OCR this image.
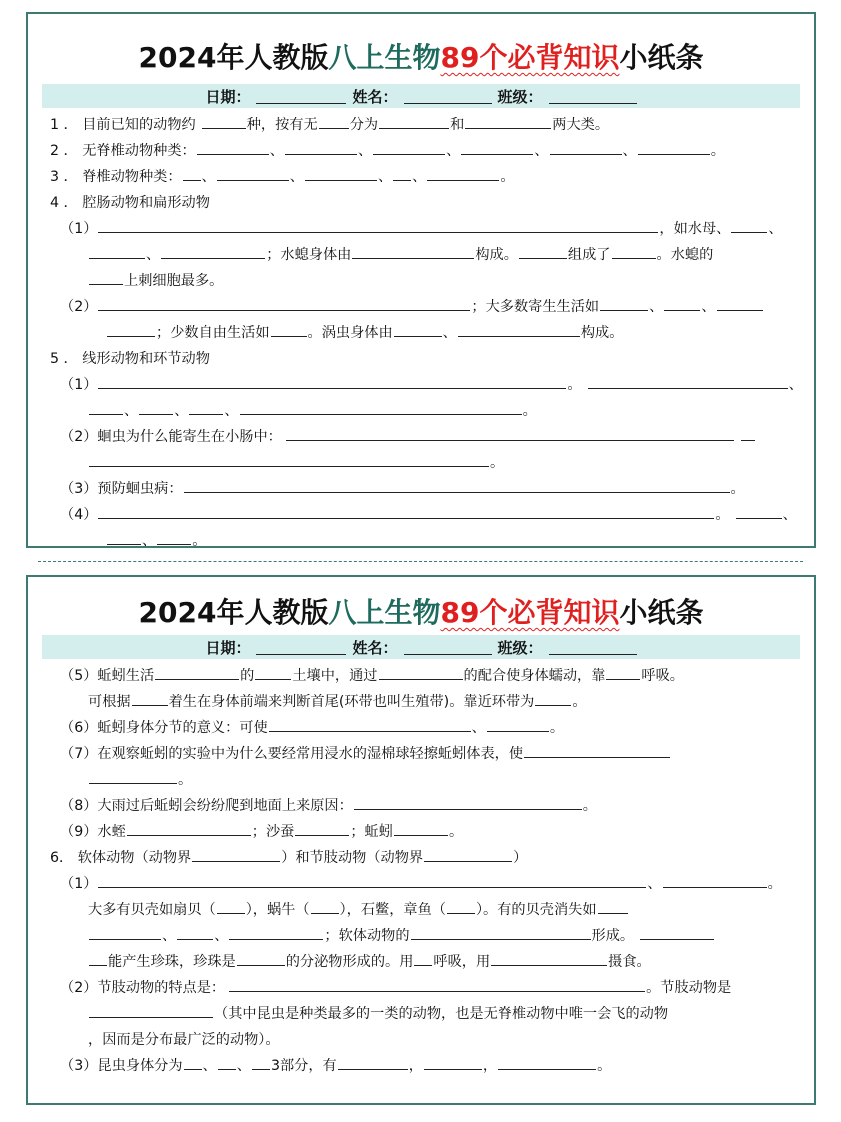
2024年人教版八上生物89个必背知识小纸条
日期：	姓名：	班级：
1 ． 目前已知的动物约	种，按有无 分为	和	两大类。
2 ． 无脊椎动物种类：	、	、	、	、	、	。
3 ． 脊椎动物种类： 、	、	、 、	。
4 ． 腔肠动物和扁形动物
（1）	，如水母、	、
、	；水螅身体由	构成。	组成了	。水螅的
上刺细胞最多。
（2）	；大多数寄生生活如	、	、
；少数自由生活如	。涡虫身体由	、	构成。
5 ． 线形动物和环节动物
（1）	。	、
、	、	、	。
（2）蛔虫为什么能寄生在小肠中：
。
（3）预防蛔虫病：	。
（4）	。	、
、	。
2024年人教版八上生物89个必背知识小纸条
日期：	姓名：	班级：
（5）蚯蚓生活	的	土壤中，通过	的配合使身体蠕动，靠	呼吸。
可根据	着生在身体前端来判断首尾(环带也叫生殖带)。靠近环带为	。
（6）蚯蚓身体分节的意义：可使	、	。
（7）在观察蚯蚓的实验中为什么要经常用浸水的湿棉球轻擦蚯蚓体表，使
。
（8）大雨过后蚯蚓会纷纷爬到地面上来原因：	。
（9）水蛭	；沙蚕	；蚯蚓	。
6． 软体动物（动物界	）和节肢动物（动物界	）
（1）	、	。
大多有贝壳如扇贝（ ），蜗牛（ ），石鳖，章鱼（ ）。有的贝壳消失如
、	、	；软体动物的	形成。
能产生珍珠，珍珠是	的分泌物形成的。用 呼吸，用	摄食。
（2）节肢动物的特点是：	。节肢动物是
（其中昆虫是种类最多的一类的动物，也是无脊椎动物中唯一会飞的动物
，因而是分布最广泛的动物）。
（3）昆虫身体分为 、 、 3部分，有	，	，	。
